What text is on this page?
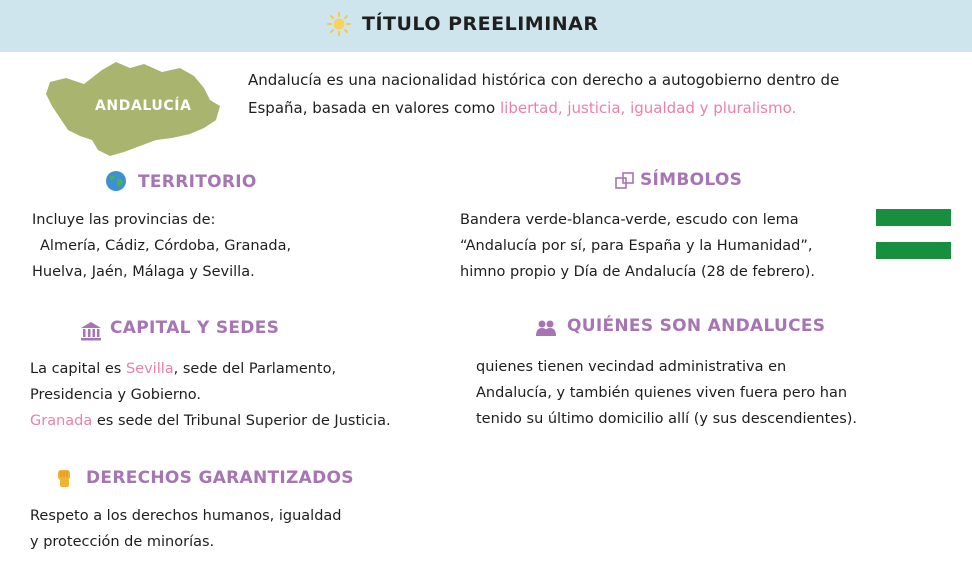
TÍTULO PREELIMINAR
ANDALUCÍA
Andalucía es una nacionalidad histórica con derecho a autogobierno dentro de España, basada en valores como libertad, justicia, igualdad y pluralismo.
TERRITORIO
Incluye las provincias de:
Almería, Cádiz, Córdoba, Granada,
Huelva, Jaén, Málaga y Sevilla.
SÍMBOLOS
Bandera verde-blanca-verde, escudo con lema
“Andalucía por sí, para España y la Humanidad”,
himno propio y Día de Andalucía (28 de febrero).
CAPITAL Y SEDES
La capital es Sevilla, sede del Parlamento,
Presidencia y Gobierno.
Granada es sede del Tribunal Superior de Justicia.
QUIÉNES SON ANDALUCES
quienes tienen vecindad administrativa en
Andalucía, y también quienes viven fuera pero han
tenido su último domicilio allí (y sus descendientes).
DERECHOS GARANTIZADOS
Respeto a los derechos humanos, igualdad
y protección de minorías.
